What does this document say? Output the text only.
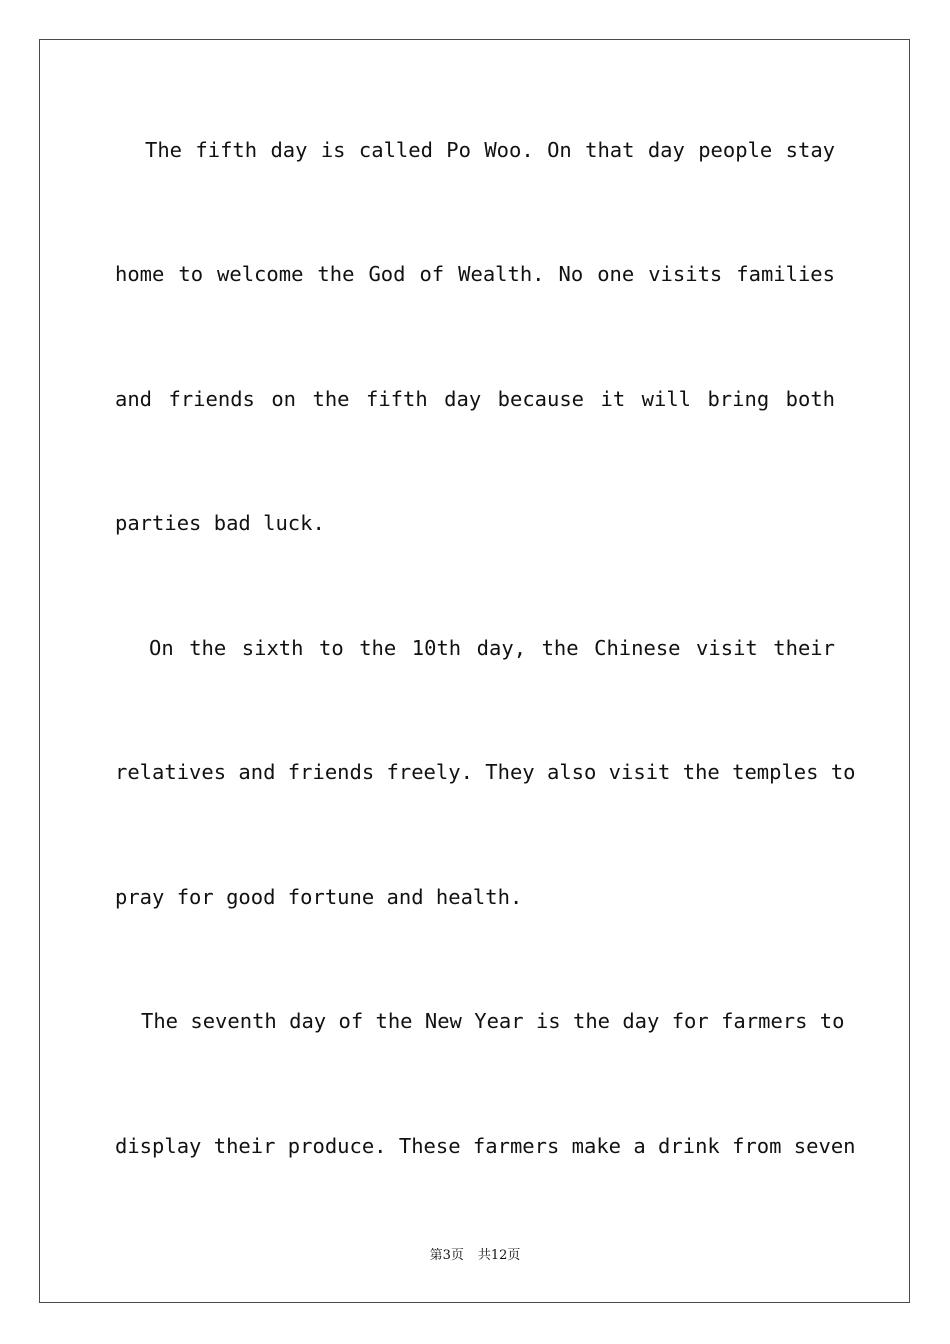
The fifth day is called Po Woo. On that day people stay
home to welcome the God of Wealth. No one visits families
and friends on the fifth day because it will bring both
parties bad luck.
On the sixth to the 10th day, the Chinese visit their
relatives and friends freely. They also visit the temples to
pray for good fortune and health.
The seventh day of the New Year is the day for farmers to
display their produce. These farmers make a drink from seven
第3页 共12页
